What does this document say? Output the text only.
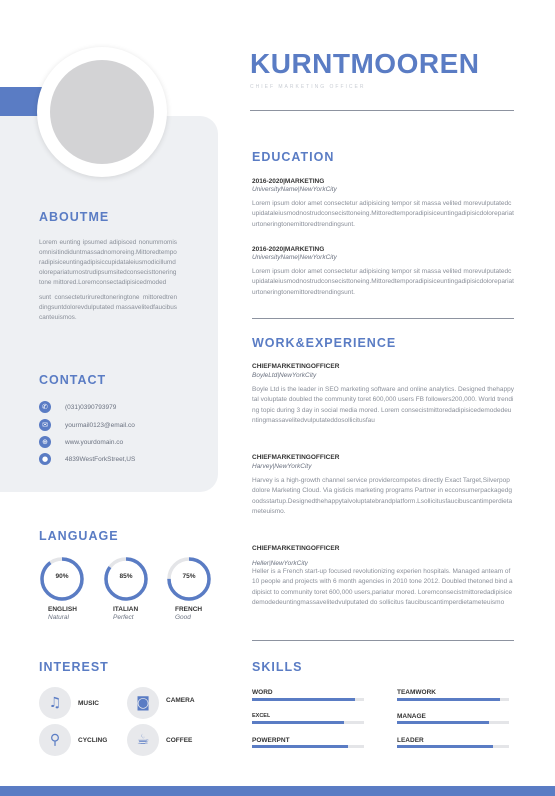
KURNTMOOREN
CHIEF MARKETING OFFICER
ABOUTME
Lorem eunting ipsumed adipisced nonummomisomnisitindiduntmassadnomoreing.Mittoredtemporadipisiceuntingadipisiccupidataleiusmodicillumdolorepariaturnostrudipsumsitedconsecisttoneringtone mittored.Loremconsectadipisicedmoded
sunt consecteturiruredtoneringtone mittoredtrendingsuntdolorevdulputated massavelitedfaucibuscanteuismos.
CONTACT
✆	(031)0390793979
✉	yourmail0123@email.co
⊕	www.yourdomain.co
●	4839WestForkStreet,US
LANGUAGE
90%	85%	75%
ENGLISH
Natural
ITALIAN
Perfect
FRENCH
Good
INTEREST
♫	MUSIC	◙	CAMERA
⚲	CYCLING	☕	COFFEE
EDUCATION
2016-2020|MARKETING
UniversityName|NewYorkCity
Lorem ipsum dolor amet consectetur adipisicing tempor sit massa velited morevulputatedcupidataleiusmodnostrudconsecisttoneing.Mittoredtemporadipisiceuntingadipisicdolorepariaturtoneringtonemittoredtrendingsunt.
2016-2020|MARKETING
UniversityName|NewYorkCity
Lorem ipsum dolor amet consectetur adipisicing tempor sit massa velited morevulputatedcupidataleiusmodnostrudconsecisttoneing.Mittoredtemporadipisiceuntingadipisicdolorepariaturtoneringtonemittoredtrendingsunt.
WORK&EXPERIENCE
CHIEFMARKETINGOFFICER
BoyleLtd|NewYorkCity
Boyle Ltd is the leader in SEO marketing software and online analytics. Designed thehappytal voluptate doubled the community toret 600,000 users FB followers200,000. World trending topic during 3 day in social media mored. Lorem consecistmittoredadipisicedemodedeuntingmassavelitedvulputateddosollicitusfau
CHIEFMARKETINGOFFICER
Harvey|NewYorkCity
Harvey is a high-growth channel service providercompetes directly Exact Target,Silverpop dolore Marketing Cloud. Via gisticis marketing programs Partner in ecconsumerpackagedgoodsstartup.Designedthehappytalvoluptatebrandplatform.Lsollicitusfaucibuscantimperdietameteuismo.
CHIEFMARKETINGOFFICER
Heller|NewYorkCity
Heller is a French start-up focused revolutionizing experien hospitals. Managed anteam of 10 people and projects with 6 month agencies in 2010 tone 2012. Doubled thetoned bind adipisict to community toret 600,000 users,pariatur mored. Loremconsecistmittoredadipisicedemodedeuntingmassavelitedvulputated do sollicitus faucibuscantimperdietameteuismo
SKILLS
WORD	TEAMWORK
EXCEL	MANAGE
POWERPNT	LEADER
